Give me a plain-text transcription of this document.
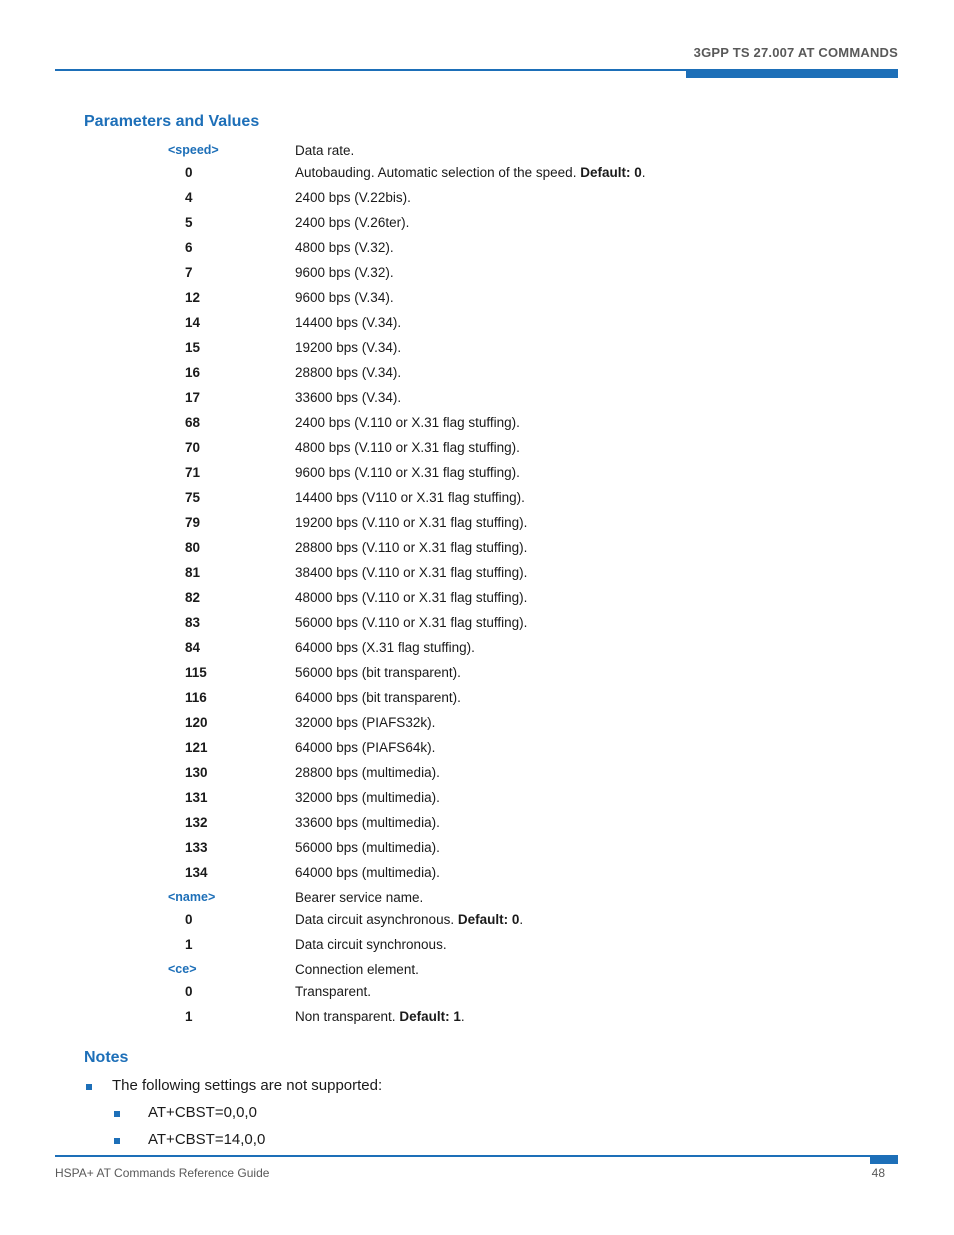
3GPP TS 27.007 AT COMMANDS
Parameters and Values
<speed>	Data rate.
0	Autobauding. Automatic selection of the speed. Default: 0.
4	2400 bps (V.22bis).
5	2400 bps (V.26ter).
6	4800 bps (V.32).
7	9600 bps (V.32).
12	9600 bps (V.34).
14	14400 bps (V.34).
15	19200 bps (V.34).
16	28800 bps (V.34).
17	33600 bps (V.34).
68	2400 bps (V.110 or X.31 flag stuffing).
70	4800 bps (V.110 or X.31 flag stuffing).
71	9600 bps (V.110 or X.31 flag stuffing).
75	14400 bps (V110 or X.31 flag stuffing).
79	19200 bps (V.110 or X.31 flag stuffing).
80	28800 bps (V.110 or X.31 flag stuffing).
81	38400 bps (V.110 or X.31 flag stuffing).
82	48000 bps (V.110 or X.31 flag stuffing).
83	56000 bps (V.110 or X.31 flag stuffing).
84	64000 bps (X.31 flag stuffing).
115	56000 bps (bit transparent).
116	64000 bps (bit transparent).
120	32000 bps (PIAFS32k).
121	64000 bps (PIAFS64k).
130	28800 bps (multimedia).
131	32000 bps (multimedia).
132	33600 bps (multimedia).
133	56000 bps (multimedia).
134	64000 bps (multimedia).
<name>	Bearer service name.
0	Data circuit asynchronous. Default: 0.
1	Data circuit synchronous.
<ce>	Connection element.
0	Transparent.
1	Non transparent. Default: 1.
Notes
The following settings are not supported:
AT+CBST=0,0,0
AT+CBST=14,0,0
HSPA+ AT Commands Reference Guide	48
